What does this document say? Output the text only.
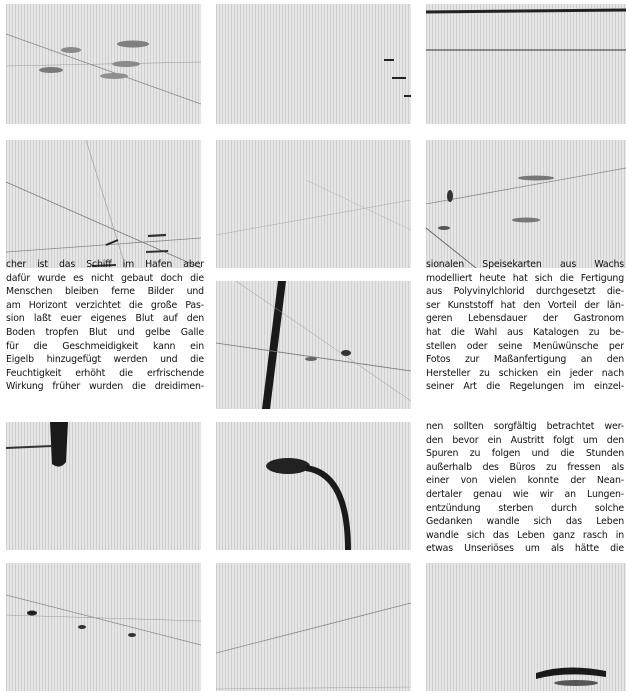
cher ist das Schiff im Hafen aber
dafür wurde es nicht gebaut doch die
Menschen bleiben ferne Bilder und
am Horizont verzichtet die große Pas-
sion laßt euer eigenes Blut auf den
Boden tropfen Blut und gelbe Galle
für die Geschmeidigkeit kann ein
Eigelb hinzugefügt werden und die
Feuchtigkeit erhöht die erfrischende
Wirkung früher wurden die dreidimen-
sionalen Speisekarten aus Wachs
modelliert heute hat sich die Fertigung
aus Polyvinylchlorid durchgesetzt die-
ser Kunststoff hat den Vorteil der län-
geren Lebensdauer der Gastronom
hat die Wahl aus Katalogen zu be-
stellen oder seine Menüwünsche per
Fotos zur Maßanfertigung an den
Hersteller zu schicken ein jeder nach
seiner Art die Regelungen im einzel-
nen sollten sorgfältig betrachtet wer-
den bevor ein Austritt folgt um den
Spuren zu folgen und die Stunden
außerhalb des Büros zu fressen als
einer von vielen konnte der Nean-
dertaler genau wie wir an Lungen-
entzündung sterben durch solche
Gedanken wandle sich das Leben
wandle sich das Leben ganz rasch in
etwas Unseriöses um als hätte die
